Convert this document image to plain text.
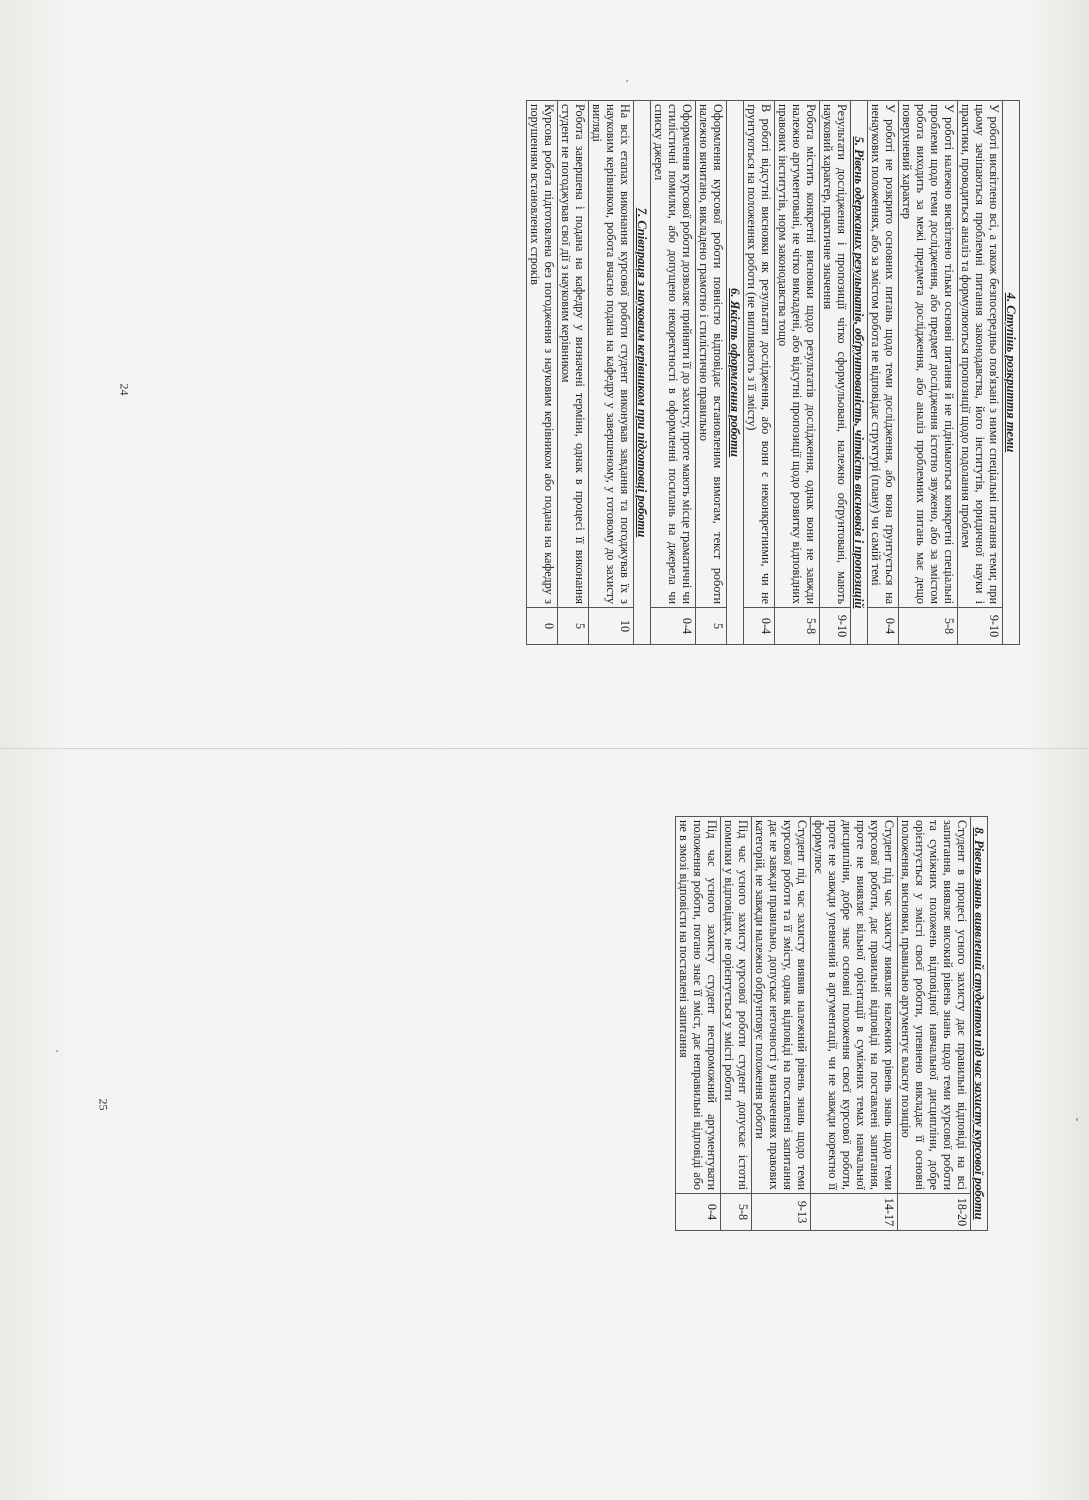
4. Ступінь розкриття теми	
У роботі висвітлено всі, а також безпосередньо пов'язані з ними спеціальні питання теми; при цьому зачіпаються проблемні питання законодавства, його інститутів, юридичної науки і практики, проводиться аналіз та формулюються пропозиції щодо подолання проблем	9-10
У роботі належно висвітлено тільки основні питання й не піднімаються конкретні спеціальні проблеми щодо теми дослідження, або предмет дослідження істотно звужено, або за змістом робота виходить за межі предмета дослідження, або аналіз проблемних питань має дещо поверхневий характер	5-8
У роботі не розкрито основних питань щодо теми дослідження, або вона ґрунтується на ненаукових положеннях, або за змістом робота не відповідає структурі (плану) чи самій темі	0-4
5. Рівень одержаних результатів, обґрунтованість, чіткість висновків і пропозицій	
Результати дослідження і пропозиції чітко сформульовані, належно обґрунтовані, мають науковий характер, практичне значення	9-10
Робота містить конкретні висновки щодо результатів дослідження, однак вони не завжди належно аргументовані, не чітко викладені, або відсутні пропозиції щодо розвитку відповідних правових інститутів, норм законодавства тощо	5-8
В роботі відсутні висновки як результати дослідження, або вони є неконкретними, чи не ґрунтуються на положеннях роботи (не випливають з її змісту)	0-4
6. Якість оформлення роботи	
Оформлення курсової роботи повністю відповідає встановленим вимогам, текст роботи належно вичитано, викладено грамотно і стилістично правильно	5
Оформлення курсової роботи дозволяє прийняти її до захисту, проте мають місце граматичні чи стилістичні помилки, або допущено некоректності в оформленні посилань на джерела чи списку джерел	0-4
7. Співпраця з науковим керівником при підготовці роботи	
На всіх етапах виконання курсової роботи студент виконував завдання та погоджував їх з науковим керівником, робота вчасно подана на кафедру у завершеному, у готовому до захисту вигляді	10
Робота завершена і подана на кафедру у визначені терміни, однак в процесі її виконання студент не погоджував свої дії з науковим керівником	5
Курсова робота підготовлена без погодження з науковим керівником або подана на кафедру з порушенням встановлених строків	0
8. Рівень знань виявлений студентом під час захисту курсової роботи	
Студент в процесі усного захисту дає правильні відповіді на всі запитання, виявляє високий рівень знань щодо теми курсової роботи та суміжних положень відповідної навчальної дисципліни, добре орієнтується у змісті своєї роботи, упевнено викладає її основні положення, висновки, правильно аргументує власну позицію	18-20
Студент під час захисту виявляє належних рівень знань щодо теми курсової роботи, дає правильні відповіді на поставлені запитання, проте не виявляє вільної орієнтації в суміжних темах навчальної дисципліни, добре знає основні положення своєї курсової роботи, проте не завжди упевнений в аргументації, чи не завжди коректно її формулює	14-17
Студент під час захисту виявив належний рівень знань щодо теми курсової роботи та її змісту, однак відповіді на поставлені запитання дає не завжди правильно, допускає неточності у визначеннях правових категорій, не завжди належно обґрунтовує положення роботи	9-13
Під час усного захисту курсової роботи студент допускає істотні помилки у відповідях, не орієнтується у змісті роботи	5-8
Під час усного захисту студент неспроможний аргументувати положення роботи, погано знає її зміст, дає неправильні відповіді або не в змозі відповісти на поставлені запитання	0-4
24
25
